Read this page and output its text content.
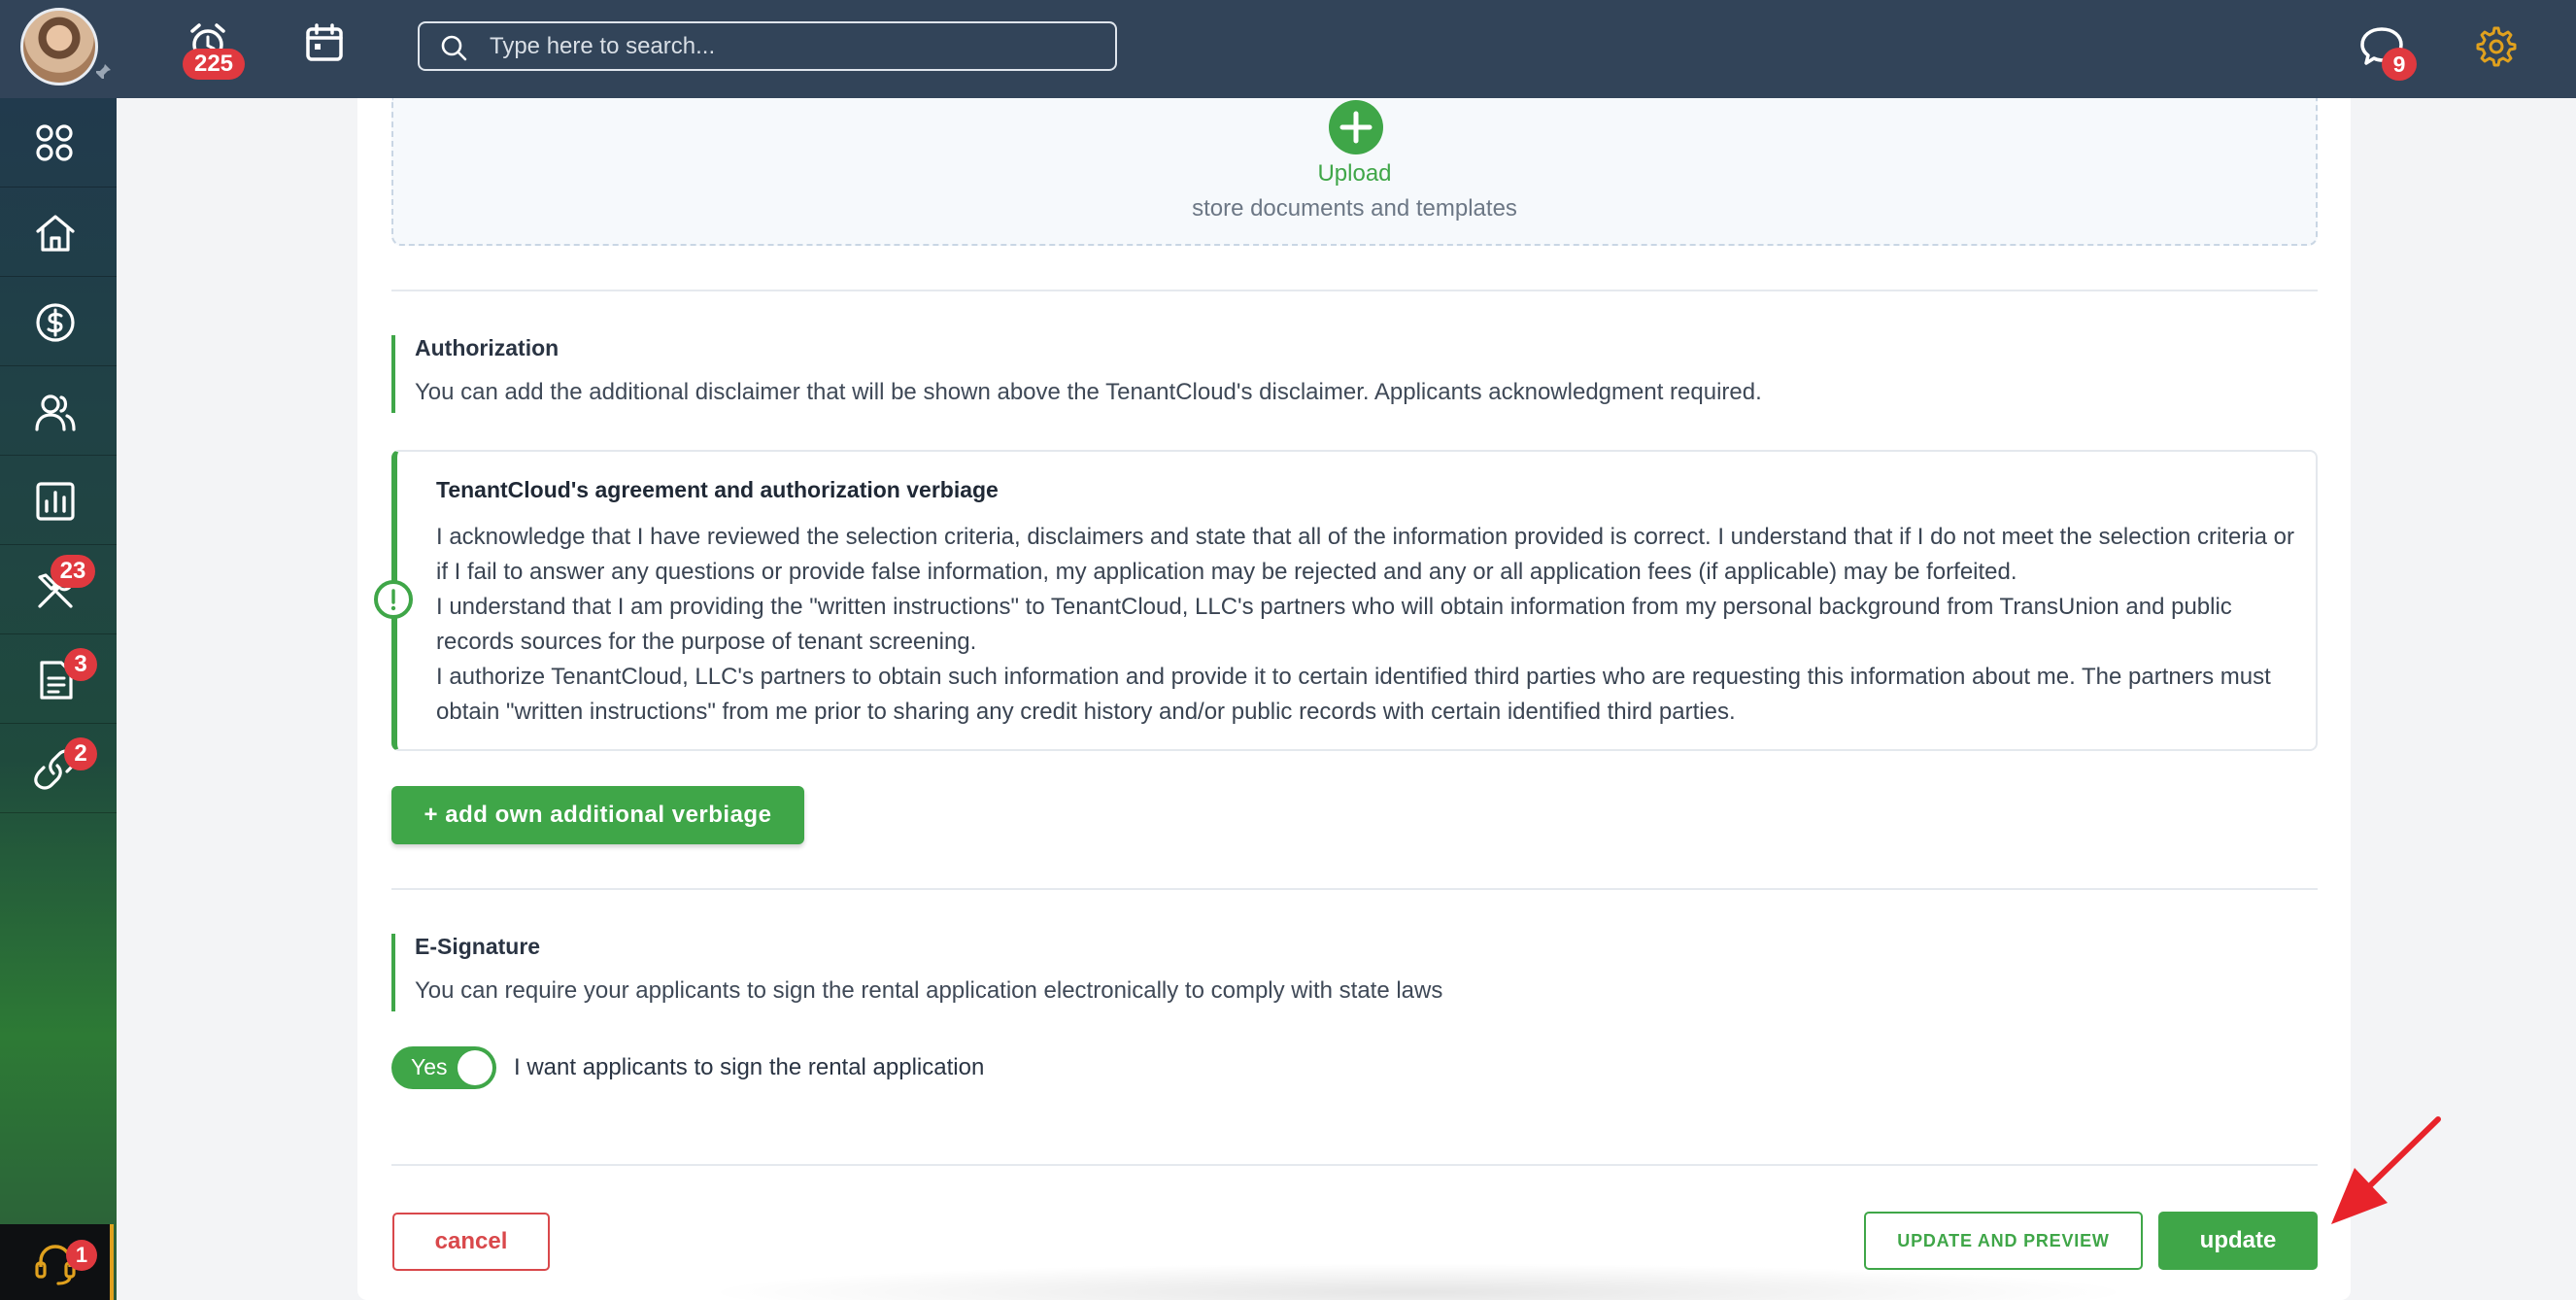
225
Type here to search...	9
23
3
2
1
Upload
store documents and templates
Authorization
You can add the additional disclaimer that will be shown above the TenantCloud's disclaimer. Applicants acknowledgment required.
TenantCloud's agreement and authorization verbiage

I acknowledge that I have reviewed the selection criteria, disclaimers and state that all of the information provided is correct. I understand that if I do not meet the selection criteria or if I fail to answer any questions or provide false information, my application may be rejected and any or all application fees (if applicable) may be forfeited.

I understand that I am providing the "written instructions" to TenantCloud, LLC's partners who will obtain information from my personal background from TransUnion and public records sources for the purpose of tenant screening.

I authorize TenantCloud, LLC's partners to obtain such information and provide it to certain identified third parties who are requesting this information about me. The partners must obtain "written instructions" from me prior to sharing any credit history and/or public records with certain identified third parties.

+ add own additional verbiage
E-Signature
You can require your applicants to sign the rental application electronically to comply with state laws
Yes	I want applicants to sign the rental application
cancel	UPDATE AND PREVIEW	update
